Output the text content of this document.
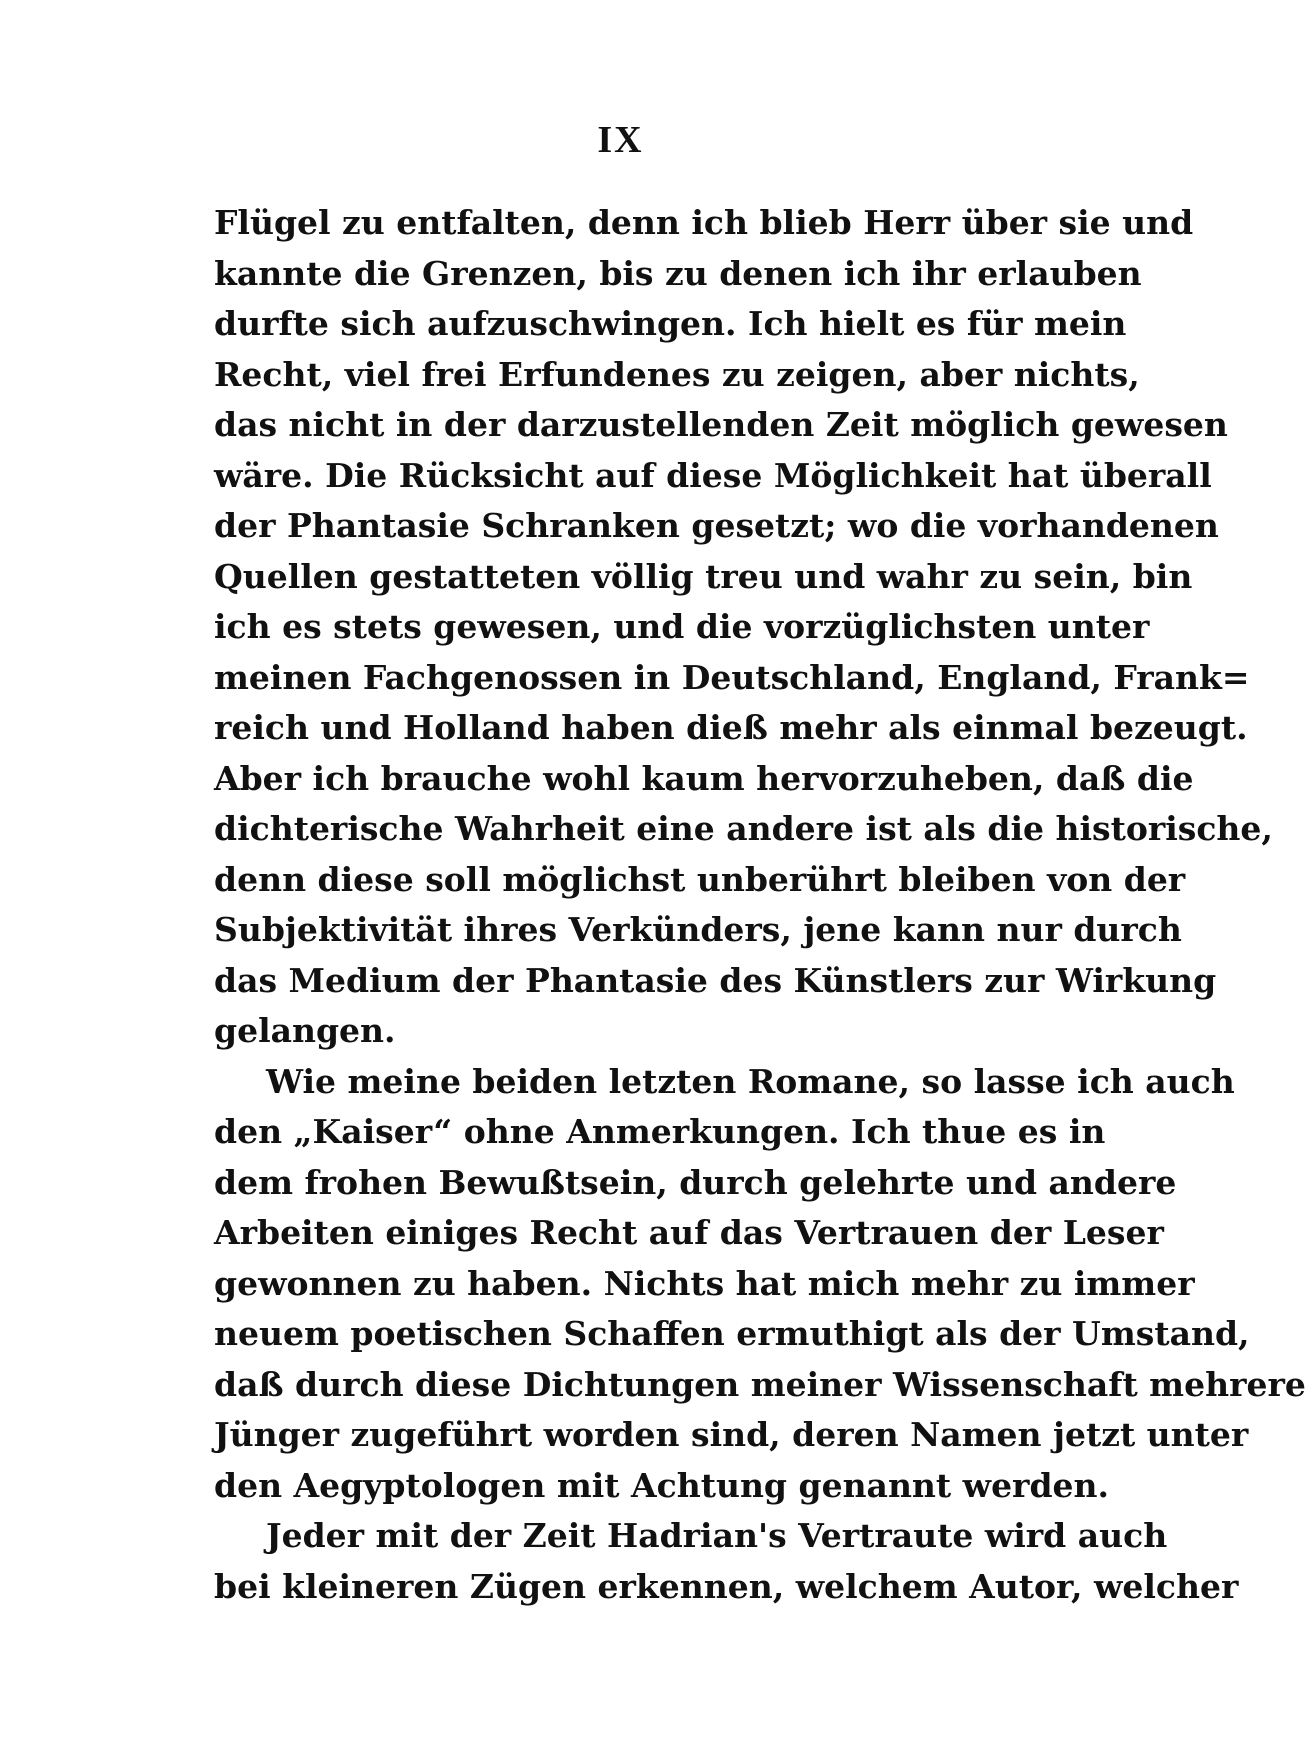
IX
Flügel zu entfalten, denn ich blieb Herr über sie und
kannte die Grenzen, bis zu denen ich ihr erlauben
durfte sich aufzuschwingen. Ich hielt es für mein
Recht, viel frei Erfundenes zu zeigen, aber nichts,
das nicht in der darzustellenden Zeit möglich gewesen
wäre. Die Rücksicht auf diese Möglichkeit hat überall
der Phantasie Schranken gesetzt; wo die vorhandenen
Quellen gestatteten völlig treu und wahr zu sein, bin
ich es stets gewesen, und die vorzüglichsten unter
meinen Fachgenossen in Deutschland, England, Frank=
reich und Holland haben dieß mehr als einmal bezeugt.
Aber ich brauche wohl kaum hervorzuheben, daß die
dichterische Wahrheit eine andere ist als die historische,
denn diese soll möglichst unberührt bleiben von der
Subjektivität ihres Verkünders, jene kann nur durch
das Medium der Phantasie des Künstlers zur Wirkung
gelangen.
Wie meine beiden letzten Romane, so lasse ich auch
den „Kaiser“ ohne Anmerkungen. Ich thue es in
dem frohen Bewußtsein, durch gelehrte und andere
Arbeiten einiges Recht auf das Vertrauen der Leser
gewonnen zu haben. Nichts hat mich mehr zu immer
neuem poetischen Schaffen ermuthigt als der Umstand,
daß durch diese Dichtungen meiner Wissenschaft mehrere
Jünger zugeführt worden sind, deren Namen jetzt unter
den Aegyptologen mit Achtung genannt werden.
Jeder mit der Zeit Hadrian's Vertraute wird auch
bei kleineren Zügen erkennen, welchem Autor, welcher
